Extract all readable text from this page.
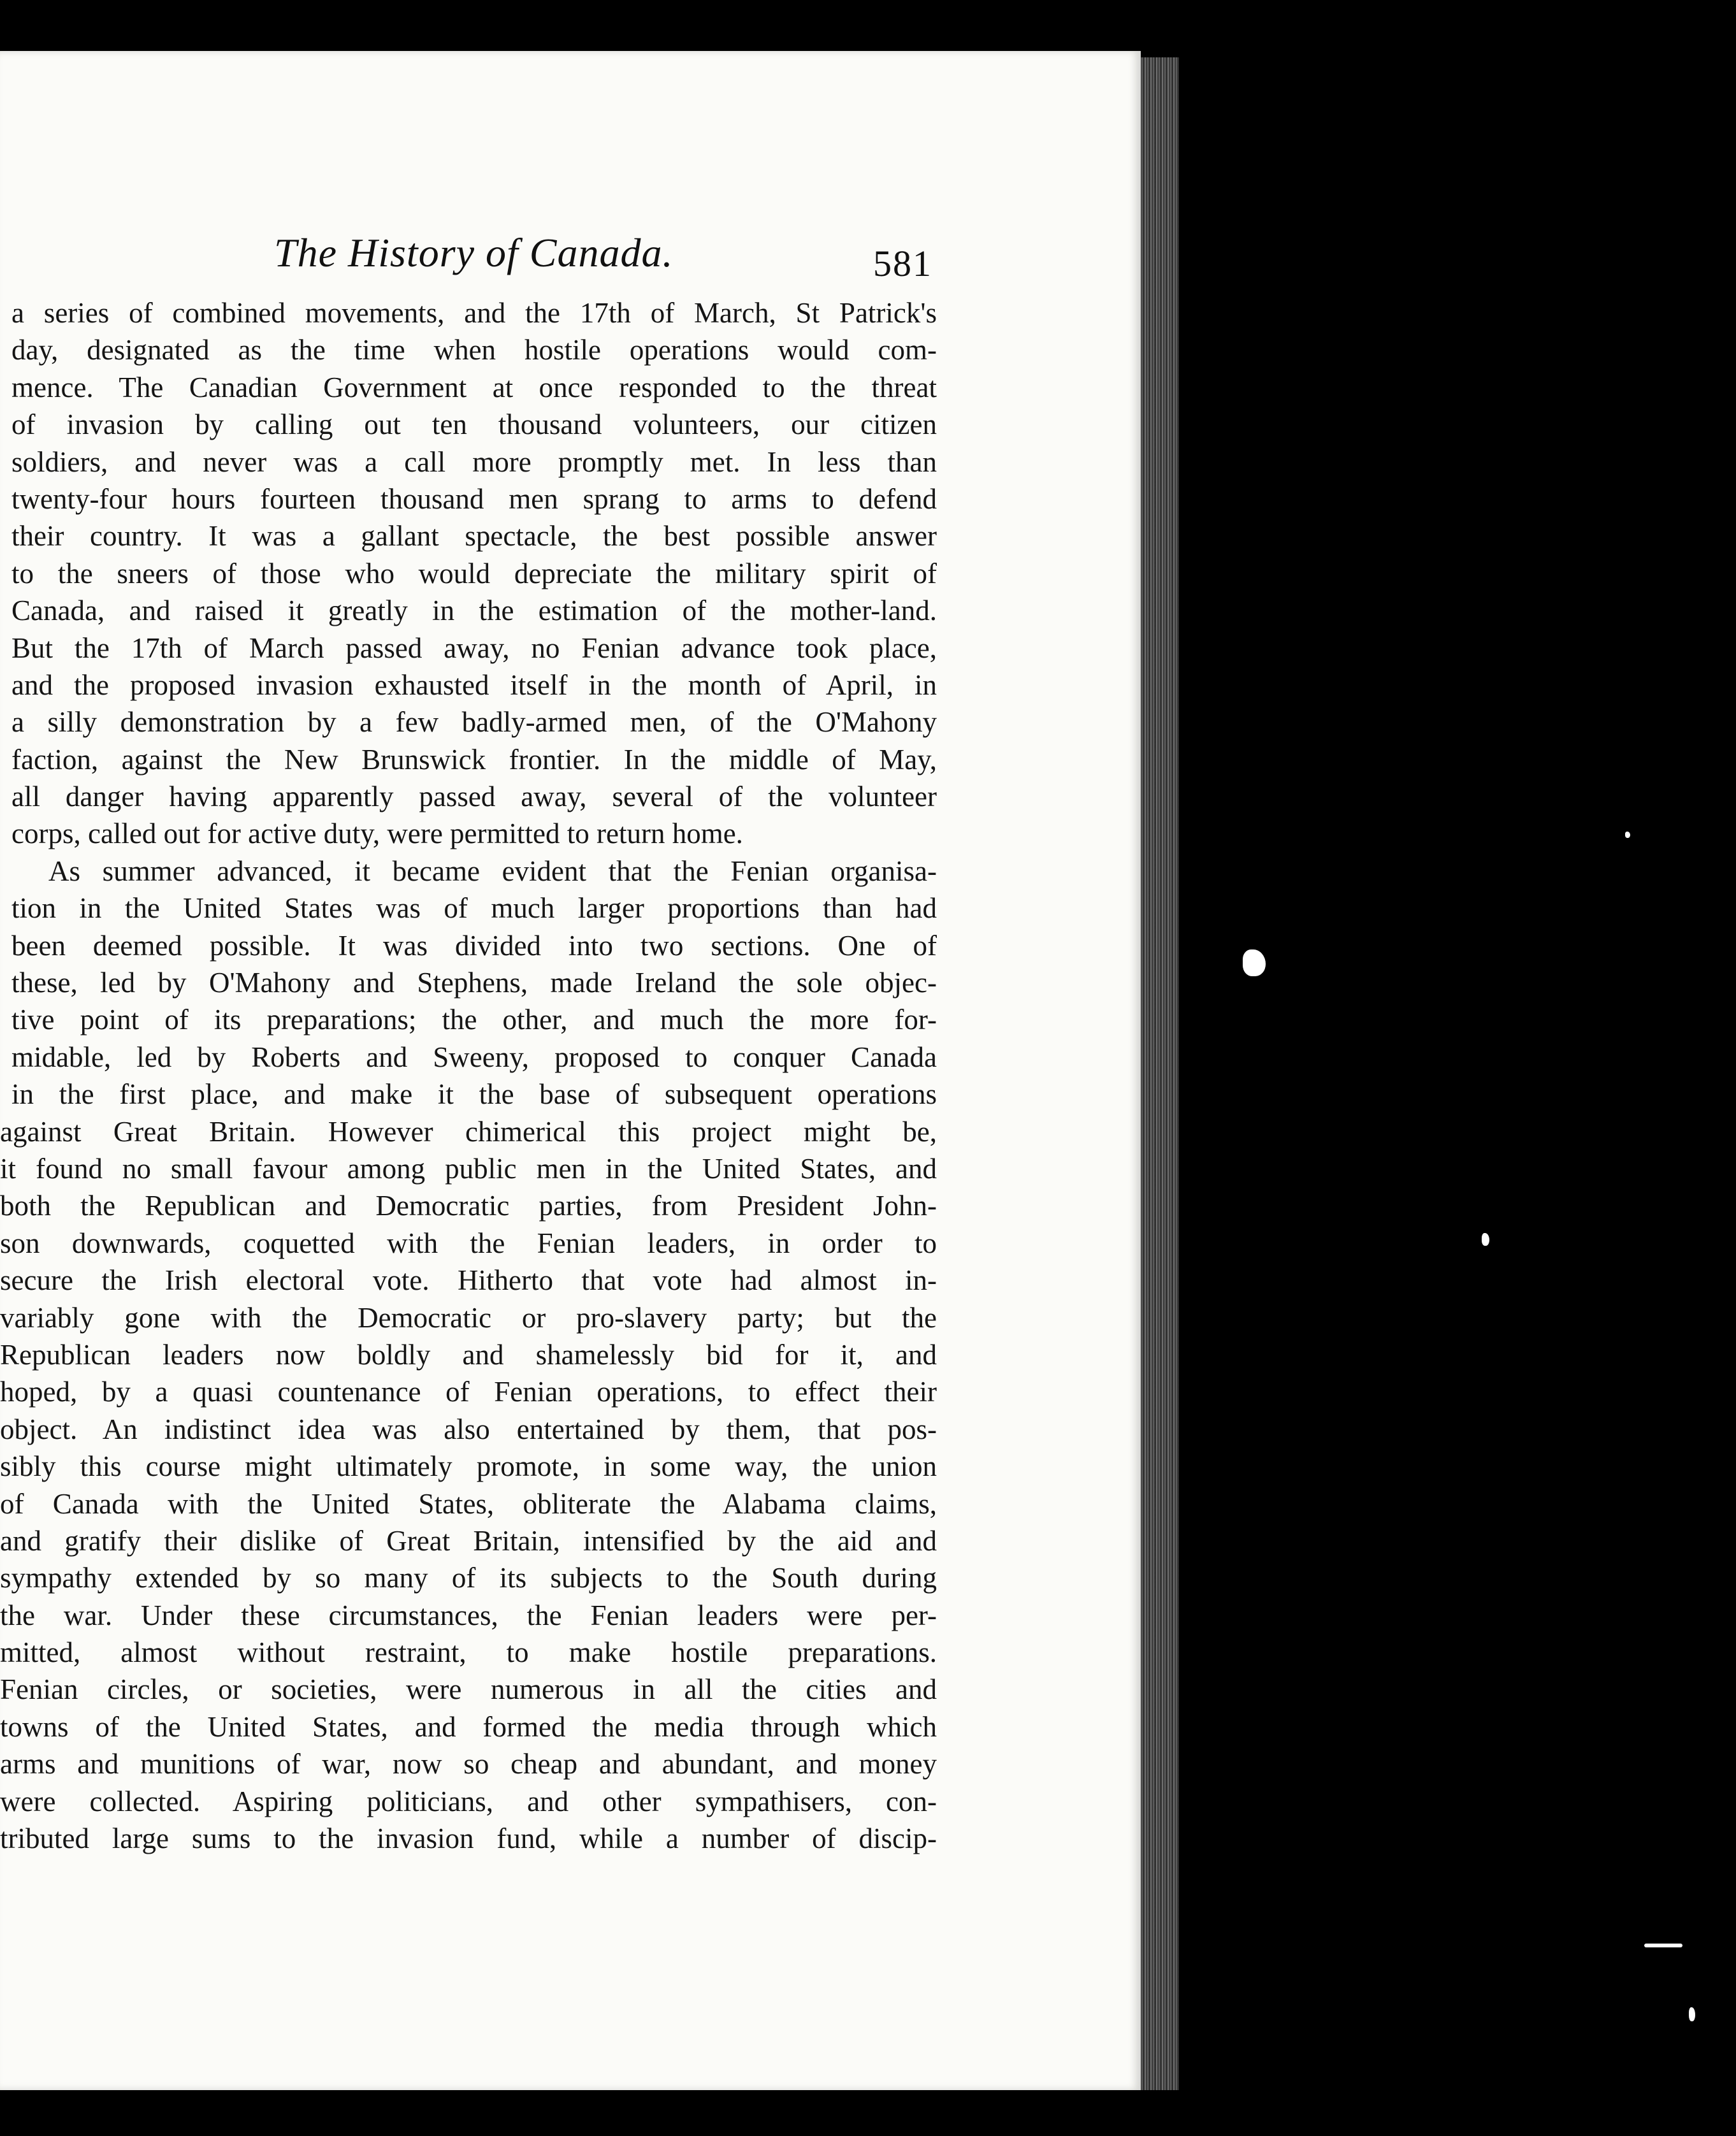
The History of Canada.	581
a series of combined movements, and the 17th of March, St Patrick's
day, designated as the time when hostile operations would com-
mence. The Canadian Government at once responded to the threat
of invasion by calling out ten thousand volunteers, our citizen
soldiers, and never was a call more promptly met. In less than
twenty-four hours fourteen thousand men sprang to arms to defend
their country. It was a gallant spectacle, the best possible answer
to the sneers of those who would depreciate the military spirit of
Canada, and raised it greatly in the estimation of the mother-land.
But the 17th of March passed away, no Fenian advance took place,
and the proposed invasion exhausted itself in the month of April, in
a silly demonstration by a few badly-armed men, of the O'Mahony
faction, against the New Brunswick frontier. In the middle of May,
all danger having apparently passed away, several of the volunteer
corps, called out for active duty, were permitted to return home.
As summer advanced, it became evident that the Fenian organisa-
tion in the United States was of much larger proportions than had
been deemed possible. It was divided into two sections. One of
these, led by O'Mahony and Stephens, made Ireland the sole objec-
tive point of its preparations; the other, and much the more for-
midable, led by Roberts and Sweeny, proposed to conquer Canada
in the first place, and make it the base of subsequent operations
against Great Britain. However chimerical this project might be,
it found no small favour among public men in the United States, and
both the Republican and Democratic parties, from President John-
son downwards, coquetted with the Fenian leaders, in order to
secure the Irish electoral vote. Hitherto that vote had almost in-
variably gone with the Democratic or pro-slavery party; but the
Republican leaders now boldly and shamelessly bid for it, and
hoped, by a quasi countenance of Fenian operations, to effect their
object. An indistinct idea was also entertained by them, that pos-
sibly this course might ultimately promote, in some way, the union
of Canada with the United States, obliterate the Alabama claims,
and gratify their dislike of Great Britain, intensified by the aid and
sympathy extended by so many of its subjects to the South during
the war. Under these circumstances, the Fenian leaders were per-
mitted, almost without restraint, to make hostile preparations.
Fenian circles, or societies, were numerous in all the cities and
towns of the United States, and formed the media through which
arms and munitions of war, now so cheap and abundant, and money
were collected. Aspiring politicians, and other sympathisers, con-
tributed large sums to the invasion fund, while a number of discip-
